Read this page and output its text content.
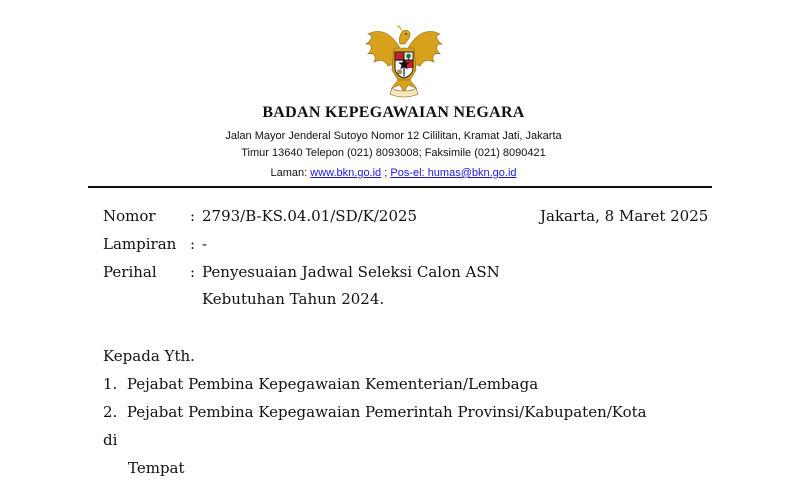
BADAN KEPEGAWAIAN NEGARA
Jalan Mayor Jenderal Sutoyo Nomor 12 Cililitan, Kramat Jati, Jakarta
Timur 13640 Telepon (021) 8093008; Faksimile (021) 8090421
Laman: www.bkn.go.id ; Pos-el: humas@bkn.go.id
Jakarta, 8 Maret 2025
Nomor : 2793/B-KS.04.01/SD/K/2025
Lampiran : -
Perihal : Penyesuaian Jadwal Seleksi Calon ASN
Kebutuhan Tahun 2024.
Kepada Yth.
1.  Pejabat Pembina Kepegawaian Kementerian/Lembaga
2.  Pejabat Pembina Kepegawaian Pemerintah Provinsi/Kabupaten/Kota
di
Tempat
